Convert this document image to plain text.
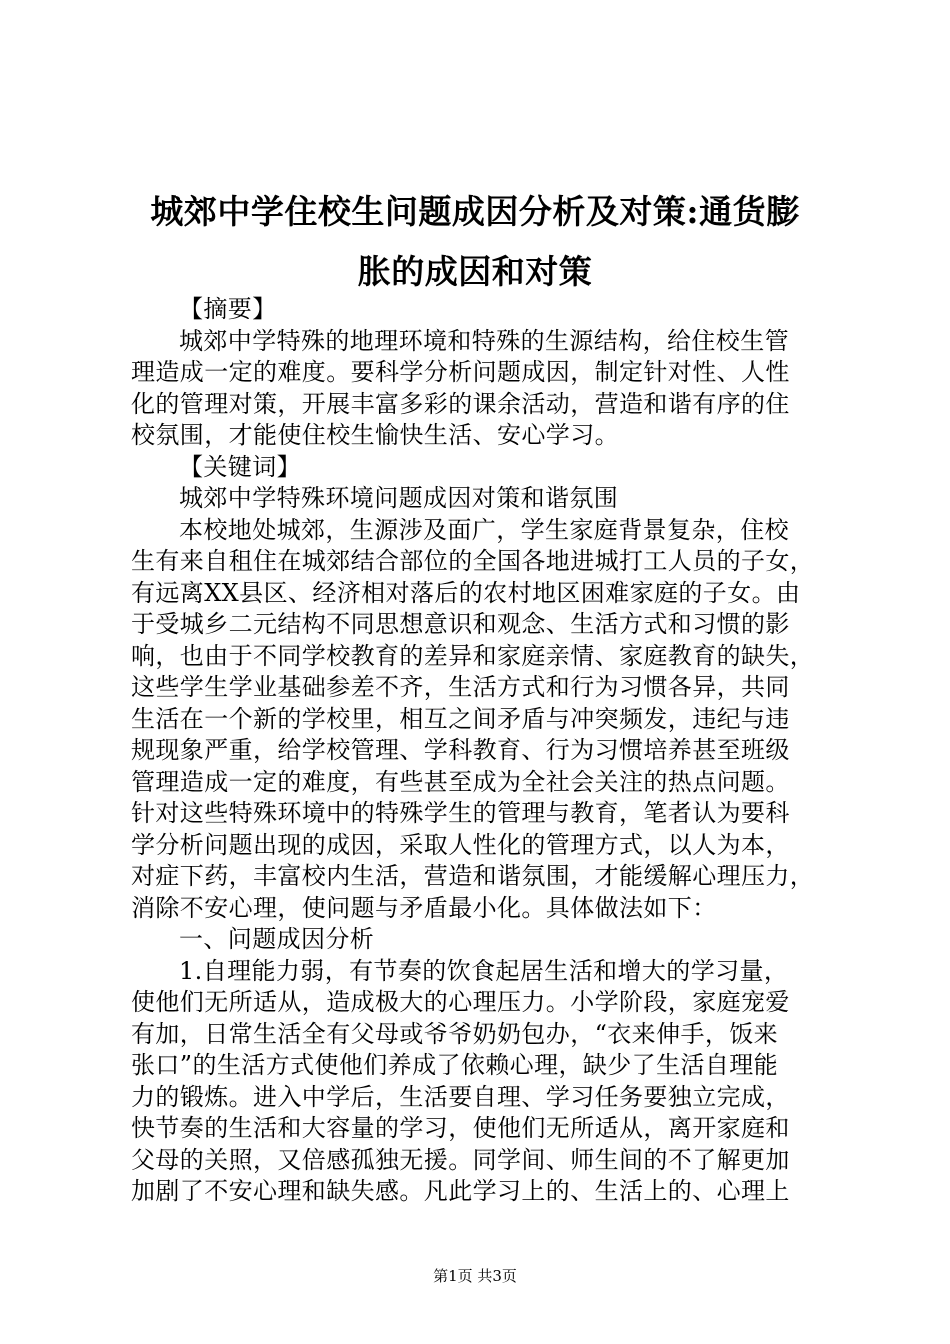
城郊中学住校生问题成因分析及对策:通货膨
胀的成因和对策
【摘要】
城郊中学特殊的地理环境和特殊的生源结构，给住校生管
理造成一定的难度。要科学分析问题成因，制定针对性、人性
化的管理对策，开展丰富多彩的课余活动，营造和谐有序的住
校氛围，才能使住校生愉快生活、安心学习。
【关键词】
城郊中学特殊环境问题成因对策和谐氛围
本校地处城郊，生源涉及面广，学生家庭背景复杂，住校
生有来自租住在城郊结合部位的全国各地进城打工人员的子女，
有远离XX县区、经济相对落后的农村地区困难家庭的子女。由
于受城乡二元结构不同思想意识和观念、生活方式和习惯的影
响，也由于不同学校教育的差异和家庭亲情、家庭教育的缺失，
这些学生学业基础参差不齐，生活方式和行为习惯各异，共同
生活在一个新的学校里，相互之间矛盾与冲突频发，违纪与违
规现象严重，给学校管理、学科教育、行为习惯培养甚至班级
管理造成一定的难度，有些甚至成为全社会关注的热点问题。
针对这些特殊环境中的特殊学生的管理与教育，笔者认为要科
学分析问题出现的成因，采取人性化的管理方式，以人为本，
对症下药，丰富校内生活，营造和谐氛围，才能缓解心理压力，
消除不安心理，使问题与矛盾最小化。具体做法如下：
一、问题成因分析
1.自理能力弱，有节奏的饮食起居生活和增大的学习量，
使他们无所适从，造成极大的心理压力。小学阶段，家庭宠爱
有加，日常生活全有父母或爷爷奶奶包办，“衣来伸手，饭来
张口”的生活方式使他们养成了依赖心理，缺少了生活自理能
力的锻炼。进入中学后，生活要自理、学习任务要独立完成，
快节奏的生活和大容量的学习，使他们无所适从，离开家庭和
父母的关照，又倍感孤独无援。同学间、师生间的不了解更加
加剧了不安心理和缺失感。凡此学习上的、生活上的、心理上
第1页 共3页
